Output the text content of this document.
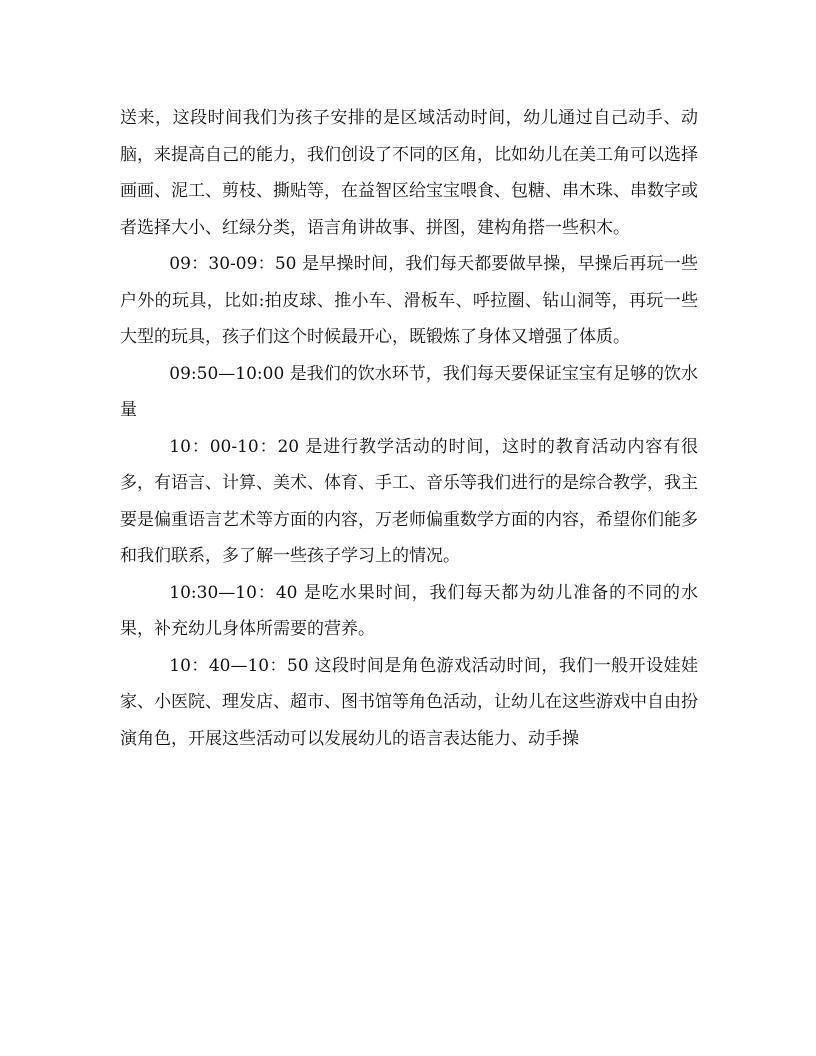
送来，这段时间我们为孩子安排的是区域活动时间，幼儿通过自己动手、动脑，来提高自己的能力，我们创设了不同的区角，比如幼儿在美工角可以选择画画、泥工、剪枝、撕贴等，在益智区给宝宝喂食、包糖、串木珠、串数字或者选择大小、红绿分类，语言角讲故事、拼图，建构角搭一些积木。

09：30-09：50 是早操时间，我们每天都要做早操，早操后再玩一些户外的玩具，比如:拍皮球、推小车、滑板车、呼拉圈、钻山洞等，再玩一些大型的玩具，孩子们这个时候最开心，既锻炼了身体又增强了体质。

09:50—10:00 是我们的饮水环节，我们每天要保证宝宝有足够的饮水量

10：00-10：20 是进行教学活动的时间，这时的教育活动内容有很多，有语言、计算、美术、体育、手工、音乐等我们进行的是综合教学，我主要是偏重语言艺术等方面的内容，万老师偏重数学方面的内容，希望你们能多和我们联系，多了解一些孩子学习上的情况。

10:30—10：40 是吃水果时间，我们每天都为幼儿准备的不同的水果，补充幼儿身体所需要的营养。

10：40—10：50 这段时间是角色游戏活动时间，我们一般开设娃娃家、小医院、理发店、超市、图书馆等角色活动，让幼儿在这些游戏中自由扮演角色，开展这些活动可以发展幼儿的语言表达能力、动手操
